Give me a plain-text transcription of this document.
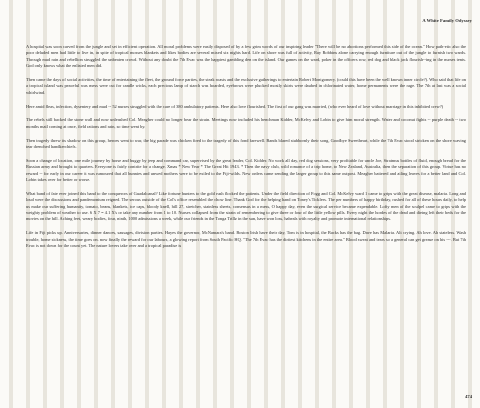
A White Family Odyssey

A hospital was soon carved from the jungle and set in efficient operation. All moral problems were easily disposed of by a few grim words of our inspiring leader "There will be no abortions performed this side of the ocean." How path-etic also the poor deluded men had little to live in, in spite of tropical mosses blankets and likes bodies are several mixed six nights hard. Life on shore was full of activity, Ray Robbins alone carrying enough furniture out of the jungle to furnish two wards. Through mud rain and rebellion struggled the unbeaten crowd. Without any doubt the 7th Evac was the happiest gambling den on the island. Our games on the ward, poker in the officers row, red dog and black jack flourish--ing in the nurses tents. God only knows what the enlisted men did.

Then came the days of social activities, the time of entertaining the fleet, the ground force parties, the steak roasts and the exclusive gatherings to entertain Robert Montgomery. (could this have been the well known inner circle?). Who said that life on a tropical island was peaceful was mess were cut for candle wicks, each precious lamp of starch was hoarded, eyebrows were plucked mostly skirts were daubed in chlorinated water, home permanents were the rage. The 7th at last was a social whirlwind.

Here amid fleas, infection, dysentery and mud -- 52 nurses struggled with the care of 380 ambulatory patients. Here also love flourished. The first of our gang was married, (who ever heard of love without marriage in this inhibited crew?)

The rebels still backed the stone wall and now unleashed Col. Meagher could no longer bear the strain. Meetings now included his henchman Kidder, McKelvy and Lobin to give him moral strength. Water and coconut fights -- purple death -- two months mail coming at once, field rations and rain, so time went by.

Then tragedy threw its shadow on this group, heroes went to war, the big parade was chicken fired to the tragedy of this fond farewell. Bands blared stubbornly their song, Goodbye Sweetheart, while the 7th Evac stood stricken on the shore waving tear drenched handkerchiefs.

Soon a change of location, one mile journey by horse and buggy by jeep and command car, supervised by the great leader, Col. Kidder. No work all day, red dog sessions, very profitable for uncle Joe, Stratmus bottles of fluid, enough bread for the Russian army and brought to quarters. Everyone is fairly contrite for a change. Xmas * New Year * The Great Hit 1943. * Then the navy club, wild romance of a trip home, to New Zealand, Australia, then the separation of this group. Virtue has no reward -- for early in our career it was rumoured that all bunnies and unwed mothers were to be exiled to the Fiji-wilds. New orders came sending the larger group to this same outpost. Meagher battered and ailing leaves for a better land and Col. Lobin takes over for better or worse.

What band of fate ever joined this band to the conquerors of Guadalcanal? Like fortune hunters to the gold rush flocked the patients. Under the field direction of Fogg and Col. McKelvy ward 1 came to grips with the great disease, malaria. Long and loud were the discussions and pandemonium reigned. The serous outside of the Col's office resembled the chow line. Thank God for the helping hand on Toney's Ticklers. The per numbers of happy birthday, rushed for all of these hours daily, to help us make our suffering humanity, tomato, beans, blankets, ice caps, bloody knell, hill 27, stretcher, stainless sheets, consensus in a mess, O happy day, even the surgical service became expendable. Lofty men of the sculpel came to grips with the weighty problem of weather to use. 6 X 7 = 4.1 X's or take any number from 1 to 10. Nurses collapsed from the strain of remembering to give three or four of the little yellow pills. Every night the hordes of the dead and dieing left their beds for the movies on the hill. Aching feet, weary bodies, four, ninth, 1000 admissions a week, while our friends in the Tonga Trillz in the sun, have won loss, habeals with royalty and promote international relationships.

Life in Fiji picks up. Anniversaries, dinner dances, sausages, division parties. Hayes the governor, McNamara's band. Boston Irish have their day, Tom is in hospital, the Backs has the bag. Dave has Malaria. Alt crying. Ah love. Ah stateless. Wash trouble, home sickness, the time goes on. now finally the reward for our labours, a glowing report from South Pacific HQ. "The 7th Evac has the dirtiest kitchens in the entire area." Blood sweat and tears so a general can get grease on his ---. But 7th Evac is not down for the count yet. The nature lovers take over and a tropical paradise is

474
